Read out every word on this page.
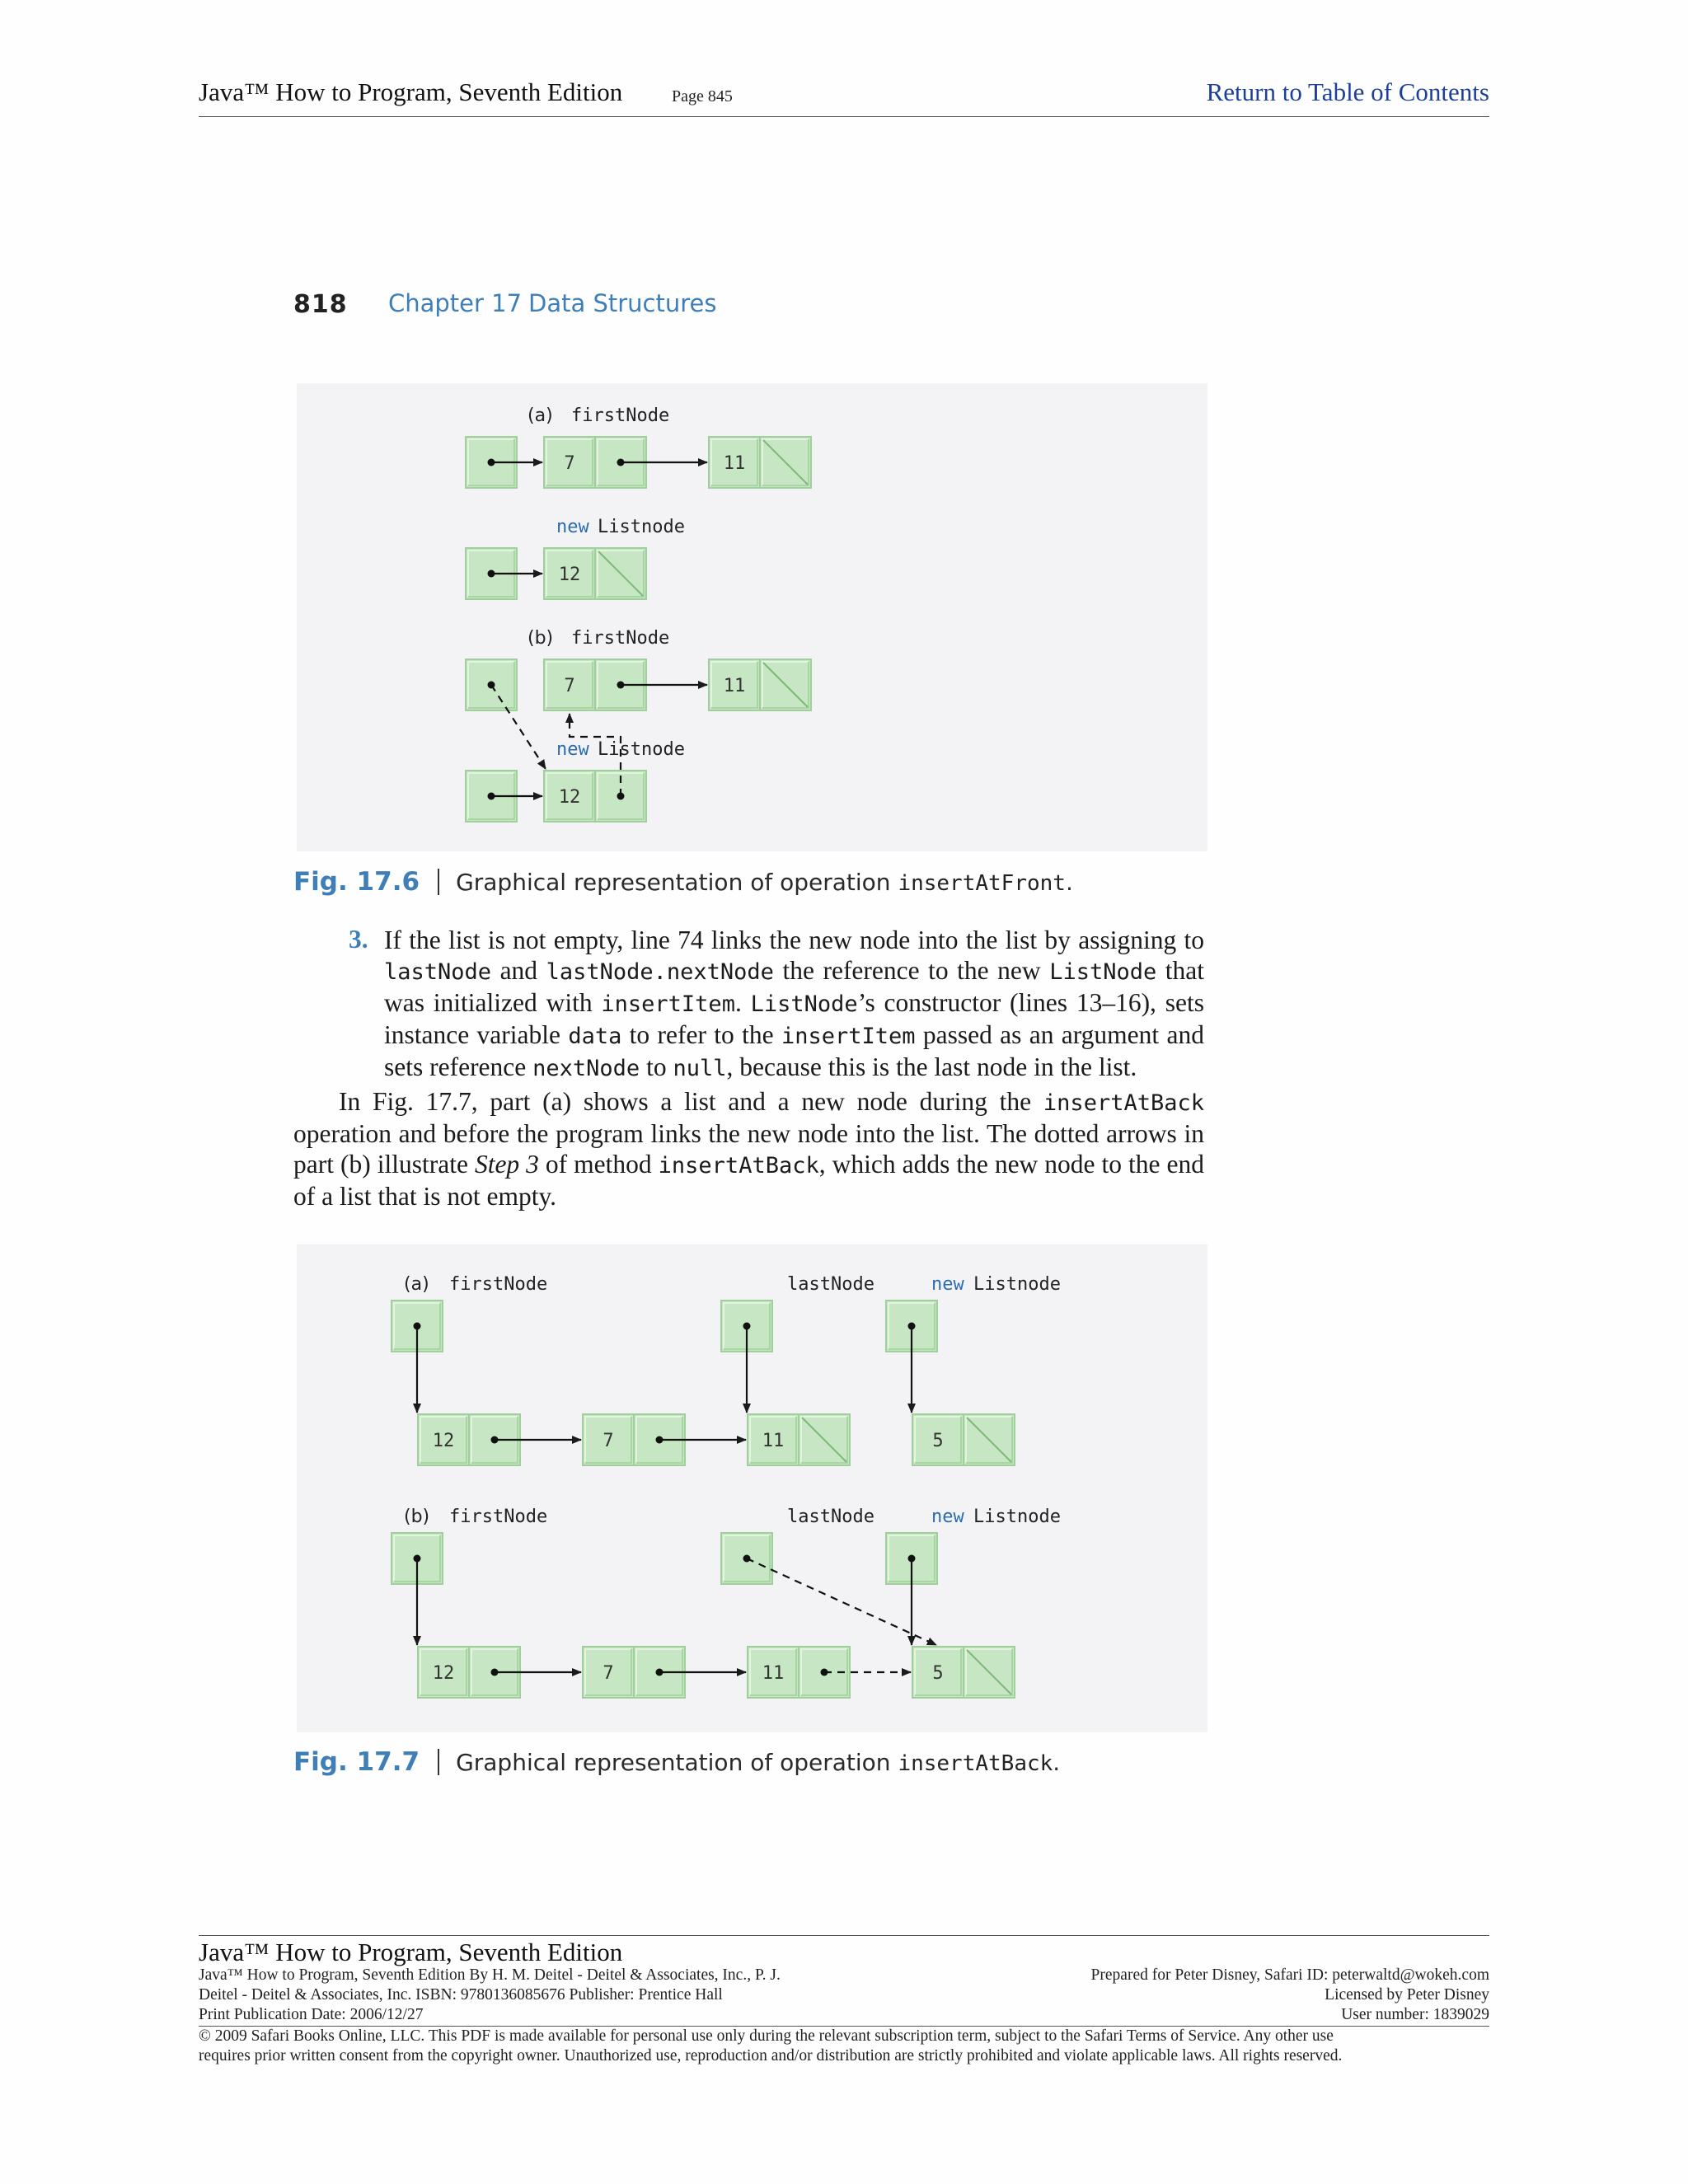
Java™ How to Program, Seventh Edition	Page 845	Return to Table of Contents
818 Chapter 17 Data Structures
(a) firstNode
new Listnode
(b) firstNode
new Listnode
7	11
12
7	11
12
Fig. 17.6 Graphical representation of operation insertAtFront.
3. If the list is not empty, line 74 links the new node into the list by assigning to lastNode and lastNode.nextNode the reference to the new ListNode that was initialized with insertItem. ListNode’s constructor (lines 13–16), sets instance variable data to refer to the insertItem passed as an argument and sets reference nextNode to null, because this is the last node in the list.
In Fig. 17.7, part (a) shows a list and a new node during the insertAtBack operation and before the program links the new node into the list. The dotted arrows in part (b) illustrate Step 3 of method insertAtBack, which adds the new node to the end of a list that is not empty.
(a) firstNode	lastNode	new Listnode
(b) firstNode	lastNode	new Listnode
12	7	11	5
12	7	11	5
Fig. 17.7 Graphical representation of operation insertAtBack.
Java™ How to Program, Seventh Edition
Java™ How to Program, Seventh Edition By H. M. Deitel - Deitel & Associates, Inc., P. J.
Deitel - Deitel & Associates, Inc. ISBN: 9780136085676 Publisher: Prentice Hall
Print Publication Date: 2006/12/27
Prepared for Peter Disney, Safari ID: peterwaltd@wokeh.com
Licensed by Peter Disney
User number: 1839029
© 2009 Safari Books Online, LLC. This PDF is made available for personal use only during the relevant subscription term, subject to the Safari Terms of Service. Any other use
requires prior written consent from the copyright owner. Unauthorized use, reproduction and/or distribution are strictly prohibited and violate applicable laws. All rights reserved.
